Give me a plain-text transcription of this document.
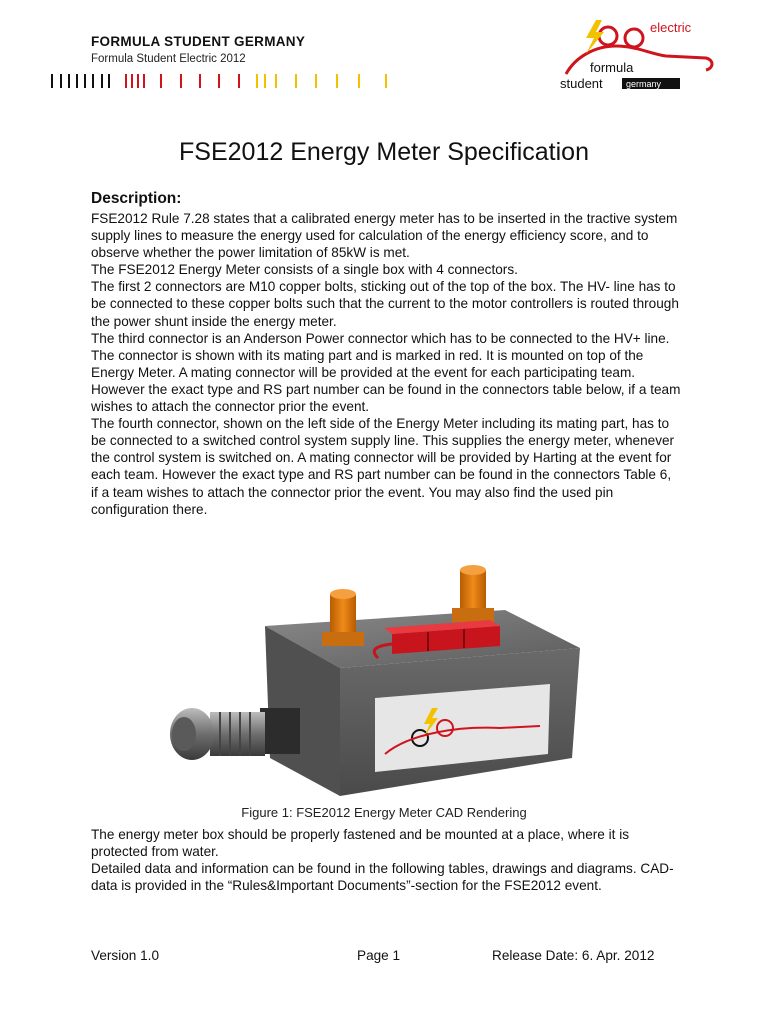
FORMULA STUDENT GERMANY
Formula Student Electric 2012
electric
formula
student	germany
FSE2012 Energy Meter Specification
Description:

FSE2012 Rule 7.28 states that a calibrated energy meter has to be inserted in the tractive system supply lines to measure the energy used for calculation of the energy efficiency score, and to observe whether the power limitation of 85kW is met.

The FSE2012 Energy Meter consists of a single box with 4 connectors.

The first 2 connectors are M10 copper bolts, sticking out of the top of the box. The HV- line has to be connected to these copper bolts such that the current to the motor controllers is routed through the power shunt inside the energy meter.

The third connector is an Anderson Power connector which has to be connected to the HV+ line. The connector is shown with its mating part and is marked in red. It is mounted on top of the Energy Meter. A mating connector will be provided at the event for each participating team. However the exact type and RS part number can be found in the connectors table below, if a team wishes to attach the connector prior the event.

The fourth connector, shown on the left side of the Energy Meter including its mating part, has to be connected to a switched control system supply line. This supplies the energy meter, whenever the control system is switched on. A mating connector will be provided by Harting at the event for each team. However the exact type and RS part number can be found in the connectors Table 6, if a team wishes to attach the connector prior the event. You may also find the used pin configuration there.

Figure 1: FSE2012 Energy Meter CAD Rendering

The energy meter box should be properly fastened and be mounted at a place, where it is protected from water.

Detailed data and information can be found in the following tables, drawings and diagrams. CAD-data is provided in the “Rules&Important Documents”-section for the FSE2012 event.

Version 1.0	Page 1	Release Date: 6. Apr. 2012
